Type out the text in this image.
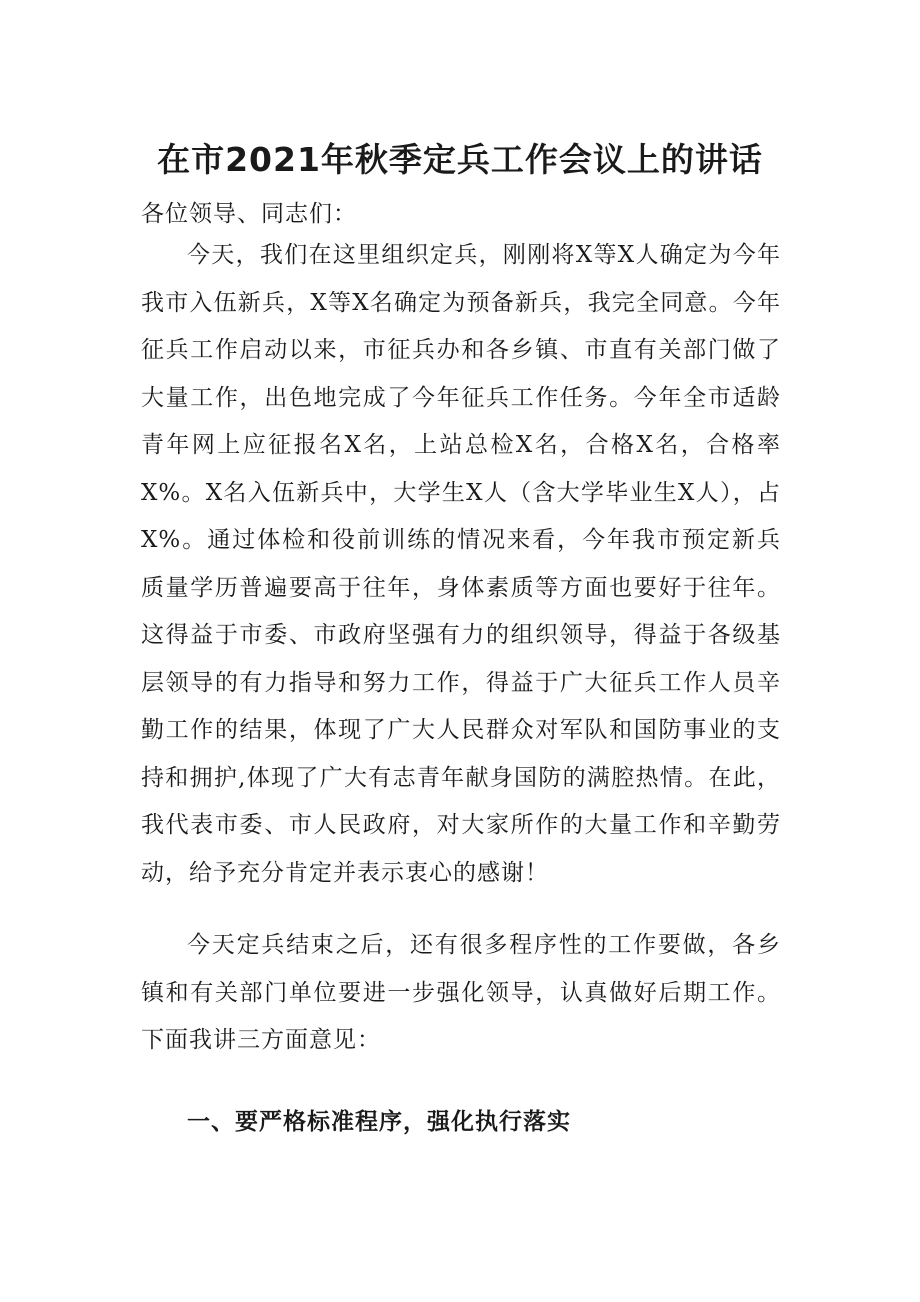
在市2021年秋季定兵工作会议上的讲话

各位领导、同志们：

今天，我们在这里组织定兵，刚刚将X等X人确定为今年我市入伍新兵，X等X名确定为预备新兵，我完全同意。今年征兵工作启动以来，市征兵办和各乡镇、市直有关部门做了大量工作，出色地完成了今年征兵工作任务。今年全市适龄青年网上应征报名X名，上站总检X名，合格X名，合格率X%。X名入伍新兵中，大学生X人（含大学毕业生X人），占X%。通过体检和役前训练的情况来看，今年我市预定新兵质量学历普遍要高于往年，身体素质等方面也要好于往年。这得益于市委、市政府坚强有力的组织领导，得益于各级基层领导的有力指导和努力工作，得益于广大征兵工作人员辛勤工作的结果，体现了广大人民群众对军队和国防事业的支持和拥护,体现了广大有志青年献身国防的满腔热情。在此，我代表市委、市人民政府，对大家所作的大量工作和辛勤劳动，给予充分肯定并表示衷心的感谢！

今天定兵结束之后，还有很多程序性的工作要做，各乡镇和有关部门单位要进一步强化领导，认真做好后期工作。下面我讲三方面意见：

一、要严格标准程序，强化执行落实
